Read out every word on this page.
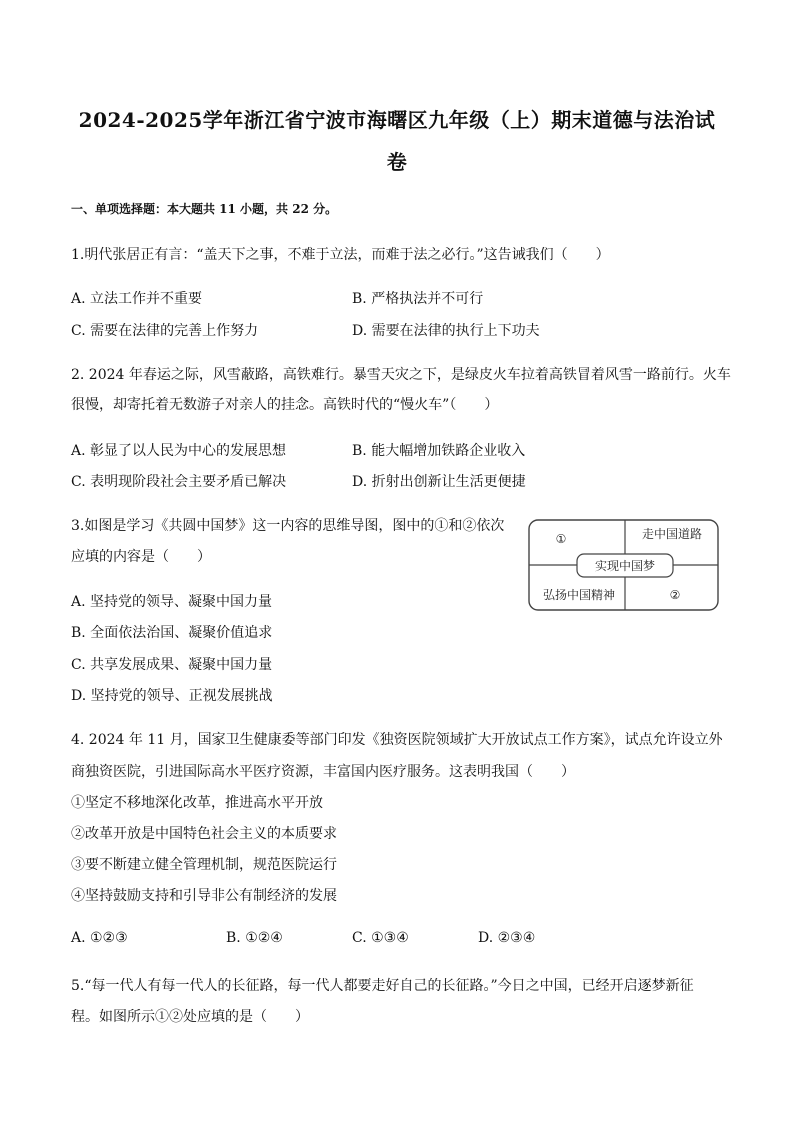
2024-2025学年浙江省宁波市海曙区九年级（上）期末道德与法治试
卷
一、单项选择题：本大题共 11 小题，共 22 分。
1.明代张居正有言：“盖天下之事，不难于立法，而难于法之必行。”这告诫我们（　　）
A. 立法工作并不重要	B. 严格执法并不可行
C. 需要在法律的完善上作努力	D. 需要在法律的执行上下功夫
2. 2024 年春运之际，风雪蔽路，高铁难行。暴雪天灾之下，是绿皮火车拉着高铁冒着风雪一路前行。火车
很慢，却寄托着无数游子对亲人的挂念。高铁时代的“慢火车”（　　）
A. 彰显了以人民为中心的发展思想	B. 能大幅增加铁路企业收入
C. 表明现阶段社会主要矛盾已解决	D. 折射出创新让生活更便捷
3.如图是学习《共圆中国梦》这一内容的思维导图，图中的①和②依次
应填的内容是（　　）
A. 坚持党的领导、凝聚中国力量
B. 全面依法治国、凝聚价值追求
C. 共享发展成果、凝聚中国力量
D. 坚持党的领导、正视发展挑战
实现中国梦
①	走中国道路
弘扬中国精神	②
4. 2024 年 11 月，国家卫生健康委等部门印发《独资医院领域扩大开放试点工作方案》，试点允许设立外
商独资医院，引进国际高水平医疗资源，丰富国内医疗服务。这表明我国（　　）
①坚定不移地深化改革，推进高水平开放
②改革开放是中国特色社会主义的本质要求
③要不断建立健全管理机制，规范医院运行
④坚持鼓励支持和引导非公有制经济的发展
A. ①②③	B. ①②④	C. ①③④	D. ②③④
5.“每一代人有每一代人的长征路，每一代人都要走好自己的长征路。”今日之中国，已经开启逐梦新征
程。如图所示①②处应填的是（　　）
